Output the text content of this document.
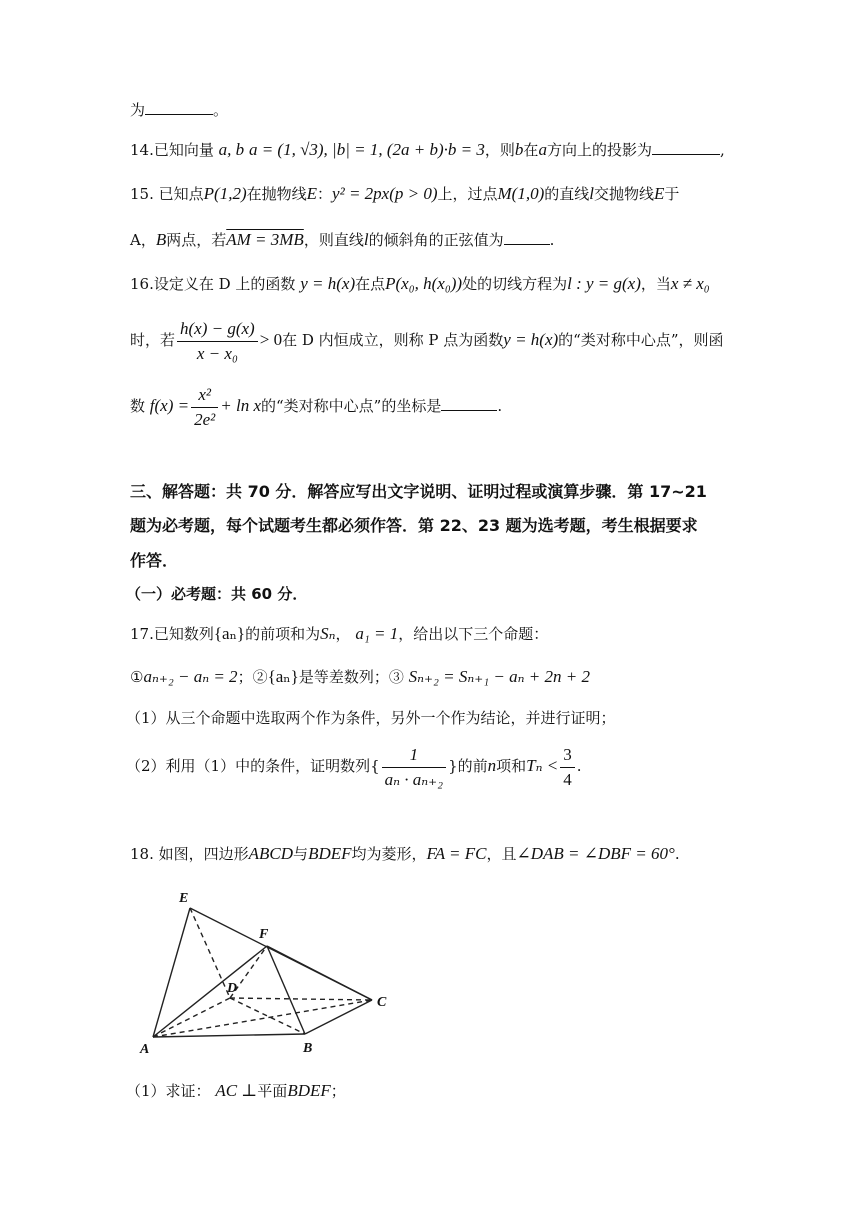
为	。
14.已知向量 a, b a = (1, √3), |b| = 1, (2a + b)·b = 3，则b在a方向上的投影为	,
15. 已知点P(1,2)在抛物线E：y² = 2px(p > 0)上，过点M(1,0)的直线l交抛物线E于
A，B两点，若AM = 3MB，则直线l的倾斜角的正弦值为	.
16.设定义在 D 上的函数 y = h(x)在点P(x₀, h(x₀))处的切线方程为l : y = g(x)，当x ≠ x₀
时，若 $\frac{h(x) - g(x)}{\text{x − x₀}} > 0$在 D 内恒成立，则称 P 点为函数y = h(x)的“类对称中心点”，则函
数 $f(x) = \frac{\text{x²}}{\text{2e²}} + \ln x$的“类对称中心点”的坐标是	.
三、解答题：共 70 分．解答应写出文字说明、证明过程或演算步骤．第 17~21
题为必考题，每个试题考生都必须作答．第 22、23 题为选考题，考生根据要求
作答．
（一）必考题：共 60 分．
17.已知数列{aₙ}的前项和为Sₙ， a₁ = 1，给出以下三个命题：
①aₙ₊₂ − aₙ = 2；②{aₙ}是等差数列；③ Sₙ₊₂ = Sₙ₊₁ − aₙ + 2n + 2
（1）从三个命题中选取两个作为条件，另外一个作为结论，并进行证明；
（2）利用（1）中的条件，证明数列{ $\frac{1}{\text{aₙ · aₙ₊₂}}$ }的前n项和$T_n < \frac{3}{4}$ .
18. 如图，四边形ABCD与BDEF均为菱形，FA = FC，且∠DAB = ∠DBF = 60°.
E
F
D
C
A	B
（1）求证： AC ⊥平面BDEF；
